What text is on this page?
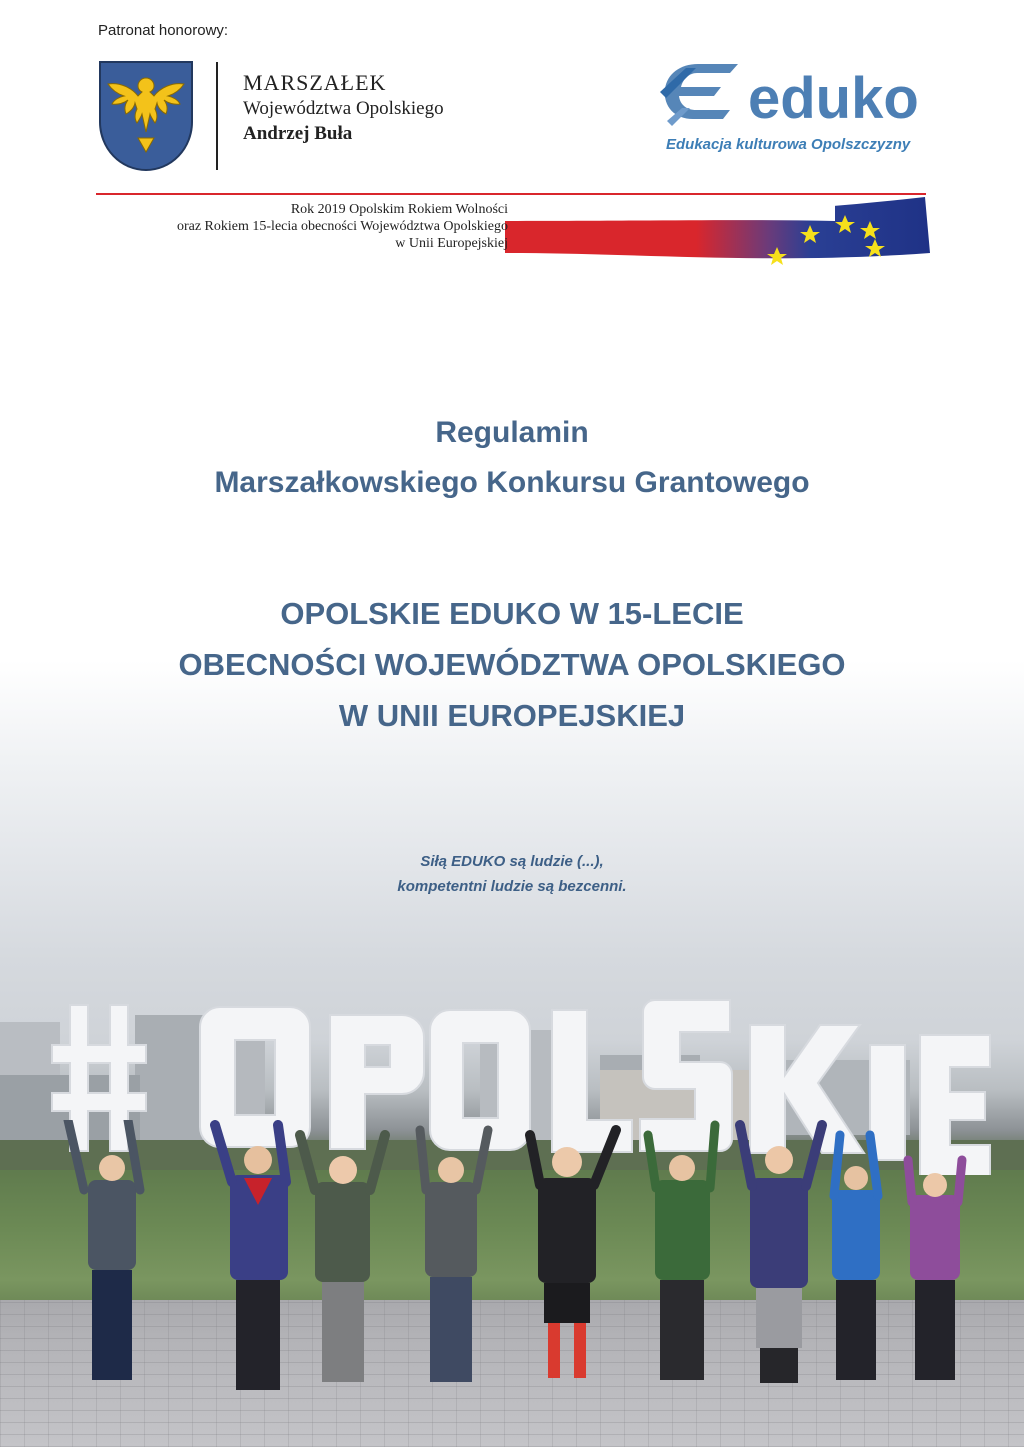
Patronat honorowy:
MARSZAŁEK
Województwa Opolskiego
Andrzej Buła
eduko
Edukacja kulturowa Opolszczyzny
Rok 2019 Opolskim Rokiem Wolności
oraz Rokiem 15-lecia obecności Województwa Opolskiego
w Unii Europejskiej
Regulamin
Marszałkowskiego Konkursu Grantowego
OPOLSKIE EDUKO W 15-LECIE
OBECNOŚCI WOJEWÓDZTWA OPOLSKIEGO
W UNII EUROPEJSKIEJ
Siłą EDUKO są ludzie (...),
kompetentni ludzie są bezcenni.
